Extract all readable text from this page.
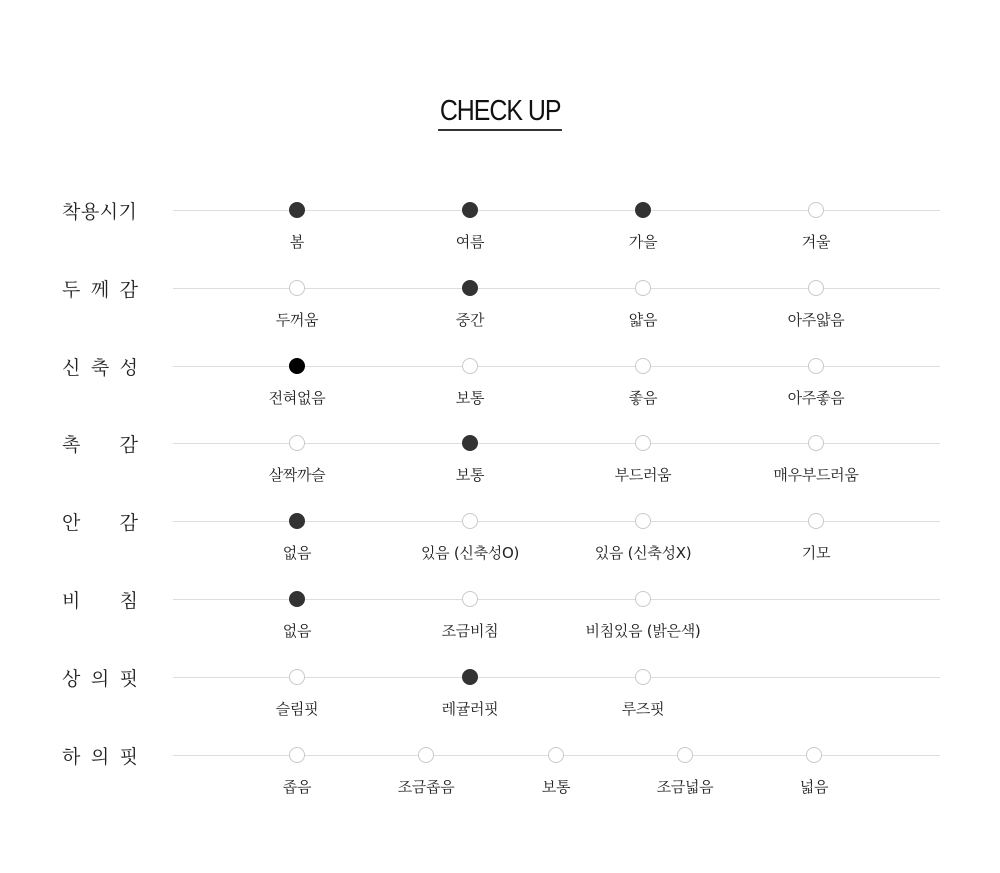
CHECK UP
착용시기
봄	여름	가을	겨울
두 께 감
두꺼움	중간	얇음	아주얇음
신 축 성
전혀없음	보통	좋음	아주좋음
촉 감
살짝까슬	보통	부드러움	매우부드러움
안 감
없음	있음 (신축성O)	있음 (신축성X)	기모
비 침
없음	조금비침	비침있음 (밝은색)
상 의 핏
슬림핏	레귤러핏	루즈핏
하 의 핏
좁음	조금좁음	보통	조금넓음	넓음
